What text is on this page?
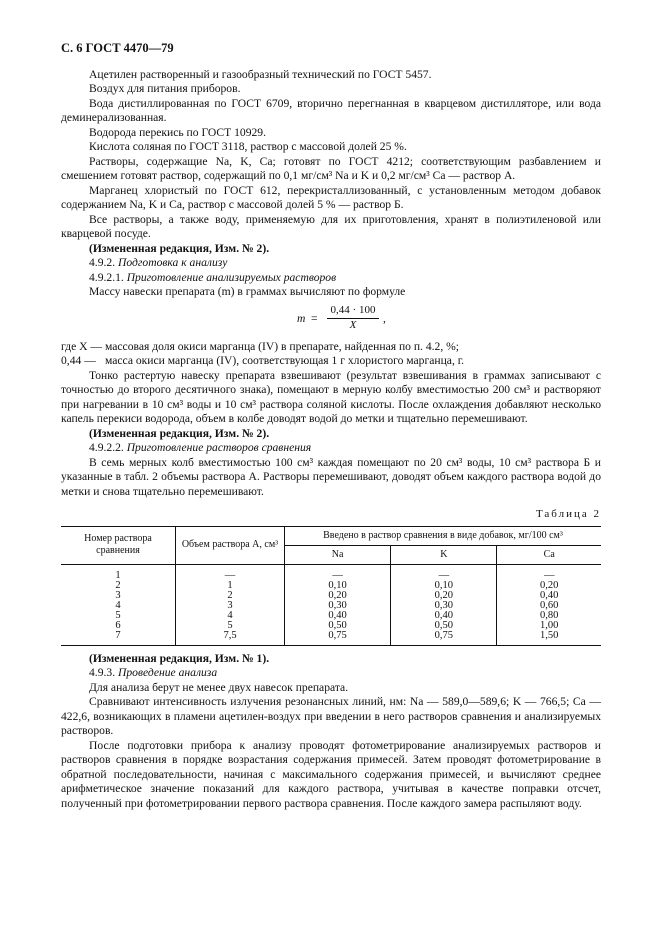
С. 6 ГОСТ 4470—79

Ацетилен растворенный и газообразный технический по ГОСТ 5457.

Воздух для питания приборов.

Вода дистиллированная по ГОСТ 6709, вторично перегнанная в кварцевом дистилляторе, или вода деминерализованная.

Водорода перекись по ГОСТ 10929.

Кислота соляная по ГОСТ 3118, раствор с массовой долей 25 %.

Растворы, содержащие Na, K, Ca; готовят по ГОСТ 4212; соответствующим разбавлением и смешением готовят раствор, содержащий по 0,1 мг/см³ Na и K и 0,2 мг/см³ Ca — раствор А.

Марганец хлористый по ГОСТ 612, перекристаллизованный, с установленным методом добавок содержанием Na, K и Ca, раствор с массовой долей 5 % — раствор Б.

Все растворы, а также воду, применяемую для их приготовления, хранят в полиэтиленовой или кварцевой посуде.

(Измененная редакция, Изм. № 2).

4.9.2. Подготовка к анализу

4.9.2.1. Приготовление анализируемых растворов

Массу навески препарата (m) в граммах вычисляют по формуле

$m = \frac{0,44 \cdot 100}{X}$ ,
где X — массовая доля окиси марганца (IV) в препарате, найденная по п. 4.2, %;
0,44 — масса окиси марганца (IV), соответствующая 1 г хлористого марганца, г.

Тонко растертую навеску препарата взвешивают (результат взвешивания в граммах записывают с точностью до второго десятичного знака), помещают в мерную колбу вместимостью 200 см³ и растворяют при нагревании в 10 см³ воды и 10 см³ раствора соляной кислоты. После охлаждения добавляют несколько капель перекиси водорода, объем в колбе доводят водой до метки и тщательно перемешивают.

(Измененная редакция, Изм. № 2).

4.9.2.2. Приготовление растворов сравнения

В семь мерных колб вместимостью 100 см³ каждая помещают по 20 см³ воды, 10 см³ раствора Б и указанные в табл. 2 объемы раствора А. Растворы перемешивают, доводят объем каждого раствора водой до метки и снова тщательно перемешивают.

Таблица 2
Номер раствора сравнения	Объем раствора А, см³	Введено в раствор сравнения в виде добавок, мг/100 см³		
		Na	K	Ca
1	—	—	—	—
2	1	0,10	0,10	0,20
3	2	0,20	0,20	0,40
4	3	0,30	0,30	0,60
5	4	0,40	0,40	0,80
6	5	0,50	0,50	1,00
7	7,5	0,75	0,75	1,50

(Измененная редакция, Изм. № 1).

4.9.3. Проведение анализа

Для анализа берут не менее двух навесок препарата.

Сравнивают интенсивность излучения резонансных линий, нм: Na — 589,0—589,6; K — 766,5; Ca — 422,6, возникающих в пламени ацетилен-воздух при введении в него растворов сравнения и анализируемых растворов.

После подготовки прибора к анализу проводят фотометрирование анализируемых растворов и растворов сравнения в порядке возрастания содержания примесей. Затем проводят фотометрирование в обратной последовательности, начиная с максимального содержания примесей, и вычисляют среднее арифметическое значение показаний для каждого раствора, учитывая в качестве поправки отсчет, полученный при фотометрировании первого раствора сравнения. После каждого замера распыляют воду.
